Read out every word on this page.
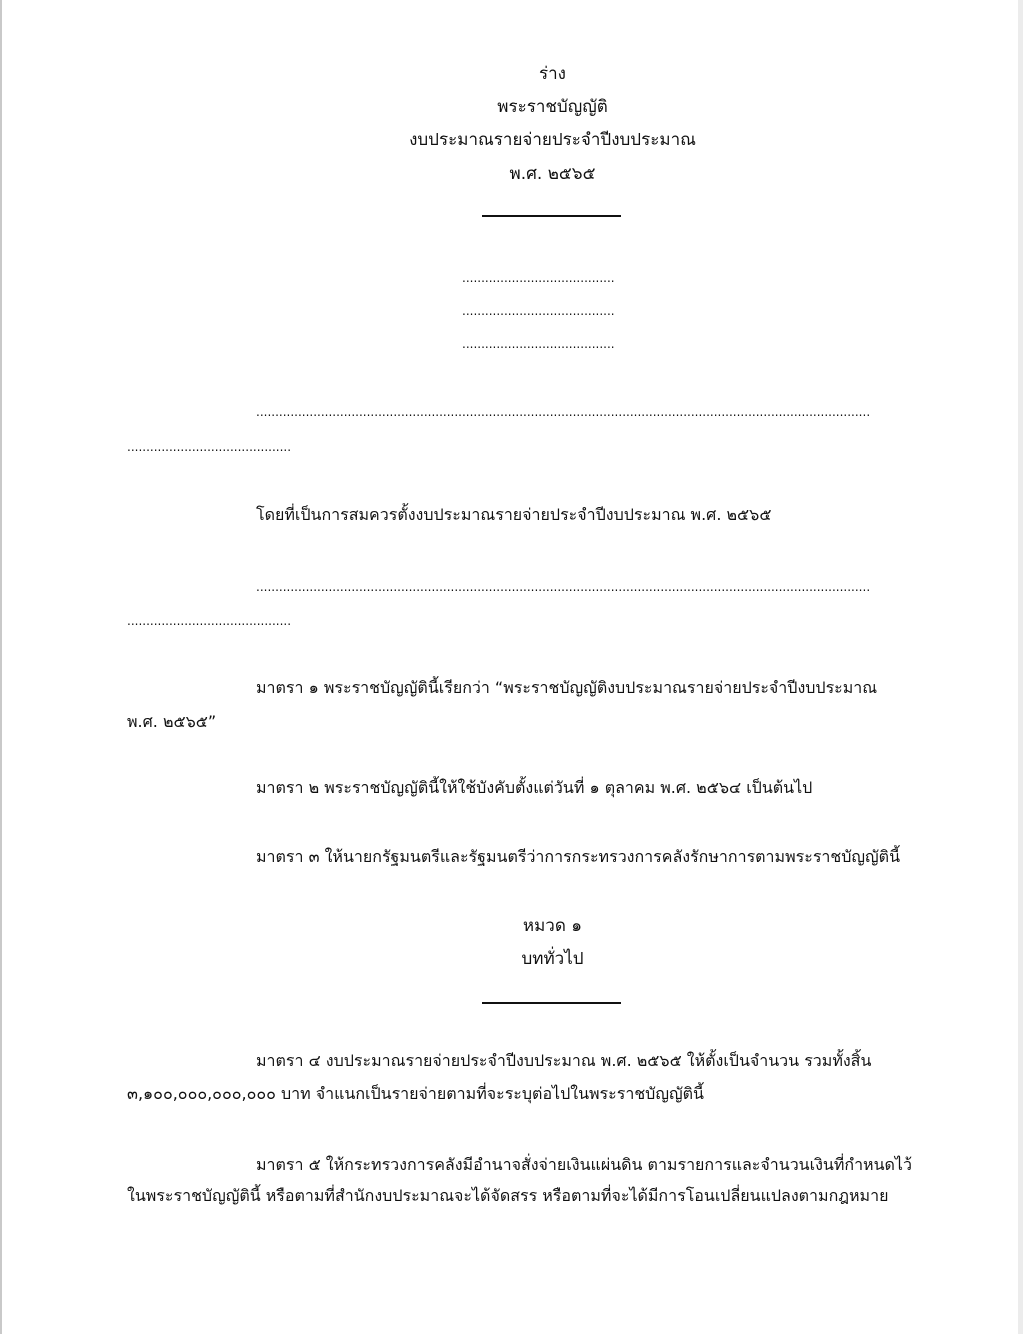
ร่าง
พระราชบัญญัติ
งบประมาณรายจ่ายประจำปีงบประมาณ
พ.ศ. ๒๕๖๕
........................................
........................................
........................................
.................................................................................................................................................................
...........................................
โดยที่เป็นการสมควรตั้งงบประมาณรายจ่ายประจำปีงบประมาณ พ.ศ. ๒๕๖๕
.................................................................................................................................................................
...........................................
มาตรา ๑ พระราชบัญญัตินี้เรียกว่า “พระราชบัญญัติงบประมาณรายจ่ายประจำปีงบประมาณ
พ.ศ. ๒๕๖๕”
มาตรา ๒ พระราชบัญญัตินี้ให้ใช้บังคับตั้งแต่วันที่ ๑ ตุลาคม พ.ศ. ๒๕๖๔ เป็นต้นไป
มาตรา ๓ ให้นายกรัฐมนตรีและรัฐมนตรีว่าการกระทรวงการคลังรักษาการตามพระราชบัญญัตินี้
หมวด ๑
บททั่วไป
มาตรา ๔ งบประมาณรายจ่ายประจำปีงบประมาณ พ.ศ. ๒๕๖๕ ให้ตั้งเป็นจำนวน รวมทั้งสิ้น
๓,๑๐๐,๐๐๐,๐๐๐,๐๐๐ บาท จำแนกเป็นรายจ่ายตามที่จะระบุต่อไปในพระราชบัญญัตินี้
มาตรา ๕ ให้กระทรวงการคลังมีอำนาจสั่งจ่ายเงินแผ่นดิน ตามรายการและจำนวนเงินที่กำหนดไว้
ในพระราชบัญญัตินี้ หรือตามที่สำนักงบประมาณจะได้จัดสรร หรือตามที่จะได้มีการโอนเปลี่ยนแปลงตามกฎหมาย
